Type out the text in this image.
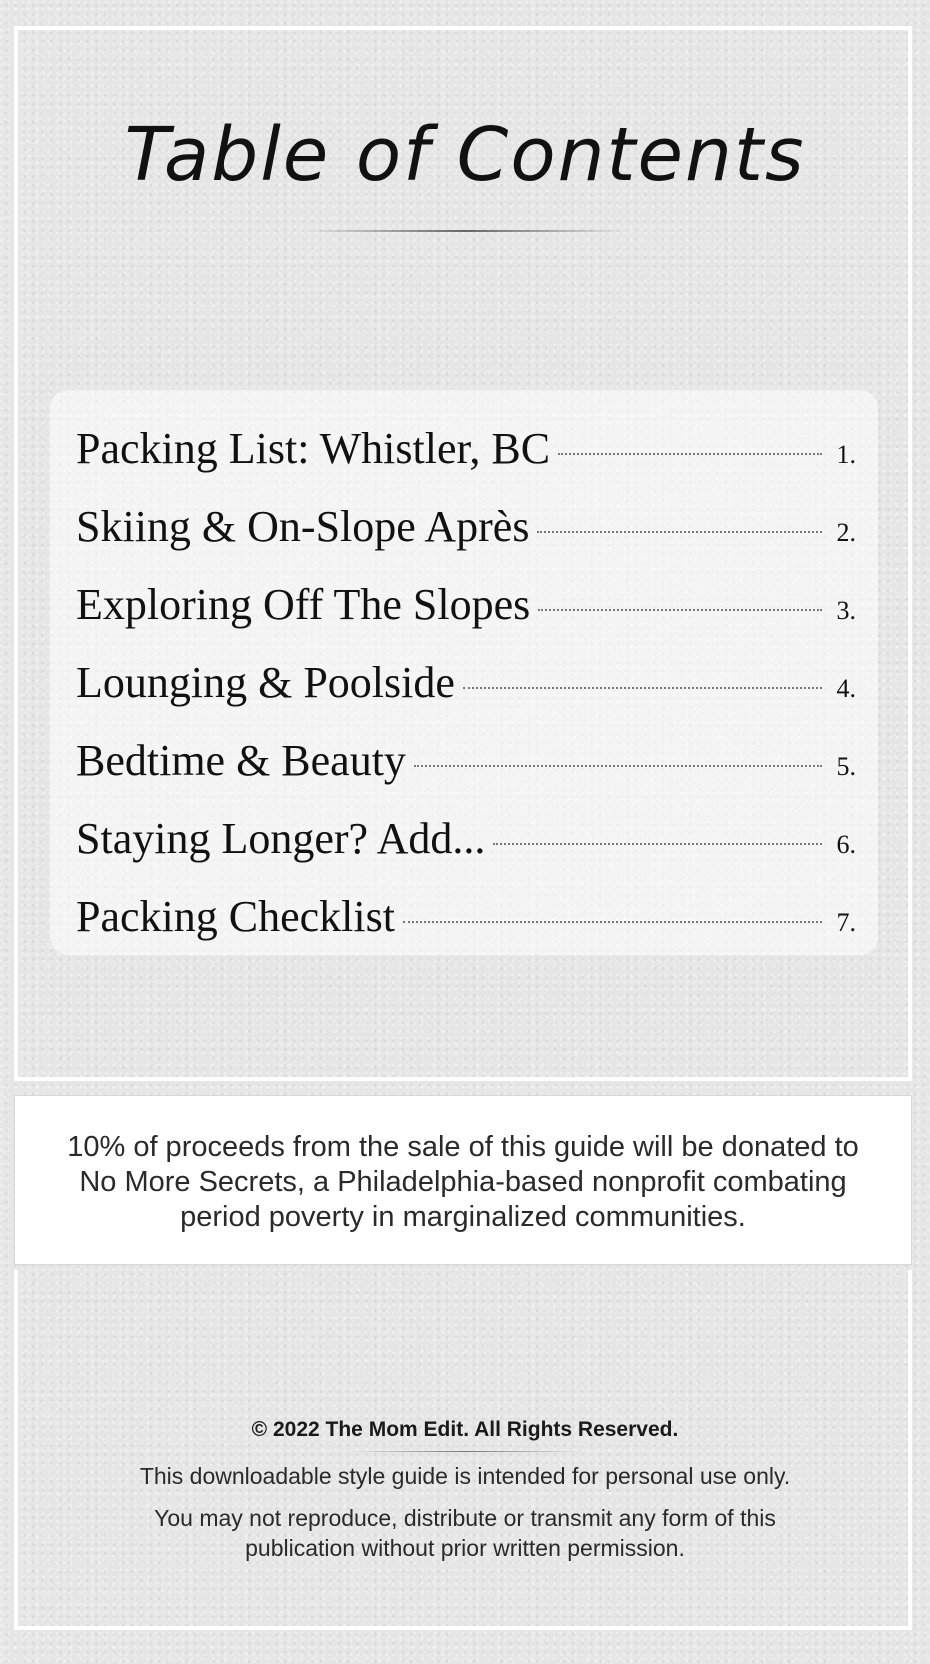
Table of Contents
Packing List: Whistler, BC	1.
Skiing & On-Slope Après	2.
Exploring Off The Slopes	3.
Lounging & Poolside	4.
Bedtime & Beauty	5.
Staying Longer? Add...	6.
Packing Checklist	7.
10% of proceeds from the sale of this guide will be donated to No More Secrets, a Philadelphia-based nonprofit combating period poverty in marginalized communities.
© 2022 The Mom Edit. All Rights Reserved.
This downloadable style guide is intended for personal use only.
You may not reproduce, distribute or transmit any form of this publication without prior written permission.
